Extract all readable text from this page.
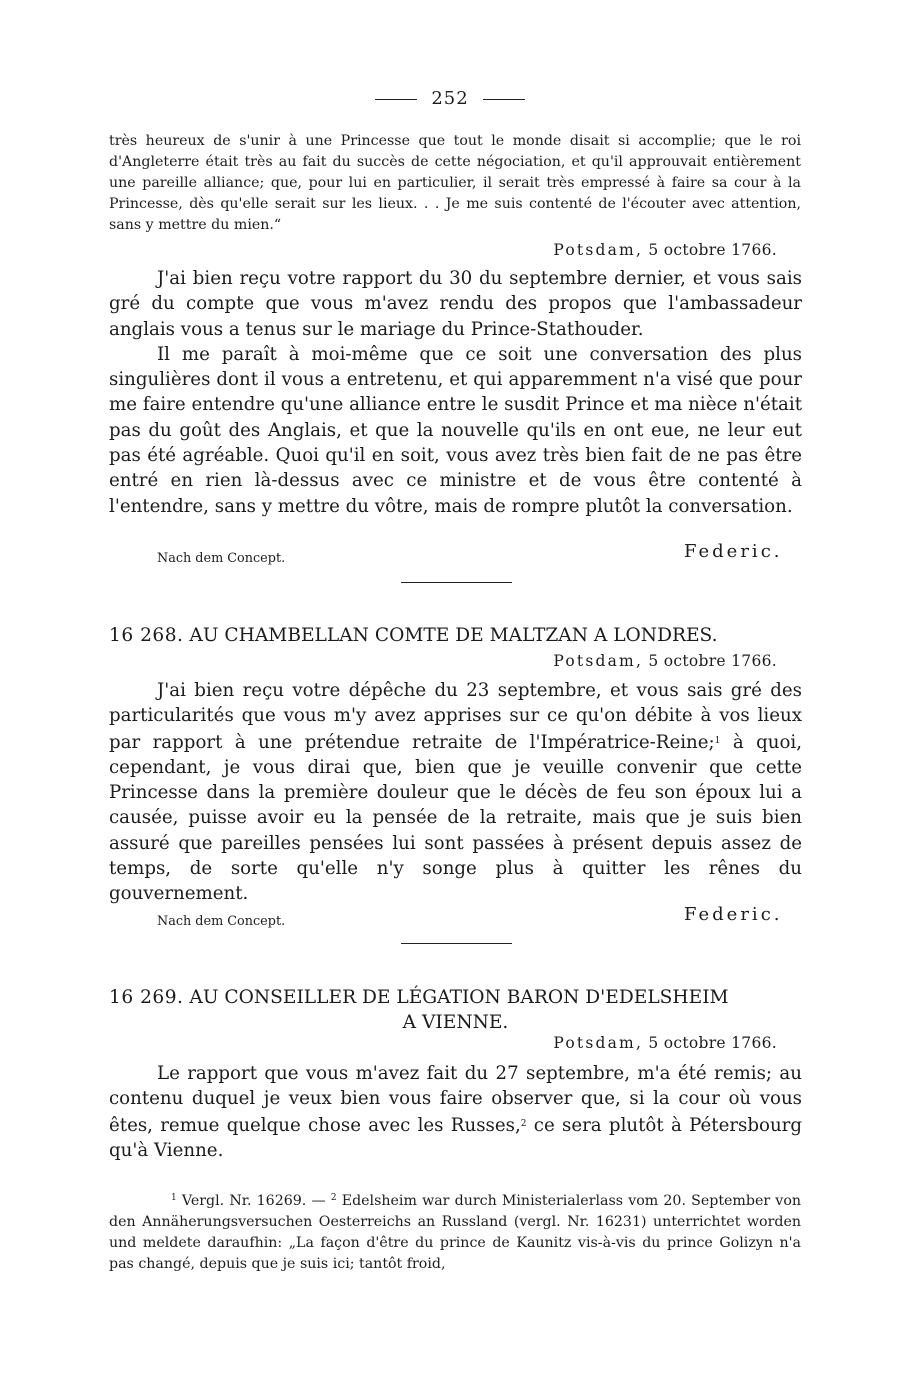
252

très heureux de s'unir à une Princesse que tout le monde disait si accomplie; que le roi d'Angleterre était très au fait du succès de cette négociation, et qu'il approuvait entièrement une pareille alliance; que, pour lui en particulier, il serait très empressé à faire sa cour à la Princesse, dès qu'elle serait sur les lieux. . . Je me suis contenté de l'écouter avec attention, sans y mettre du mien.“

Potsdam, 5 octobre 1766.

J'ai bien reçu votre rapport du 30 du septembre dernier, et vous sais gré du compte que vous m'avez rendu des propos que l'ambassadeur anglais vous a tenus sur le mariage du Prince-Stathouder.

Il me paraît à moi-même que ce soit une conversation des plus singulières dont il vous a entretenu, et qui apparemment n'a visé que pour me faire entendre qu'une alliance entre le susdit Prince et ma nièce n'était pas du goût des Anglais, et que la nouvelle qu'ils en ont eue, ne leur eut pas été agréable. Quoi qu'il en soit, vous avez très bien fait de ne pas être entré en rien là-dessus avec ce ministre et de vous être contenté à l'entendre, sans y mettre du vôtre, mais de rompre plutôt la conversation.

Nach dem Concept.	Federic.
16 268. AU CHAMBELLAN COMTE DE MALTZAN A LONDRES.
Potsdam, 5 octobre 1766.

J'ai bien reçu votre dépêche du 23 septembre, et vous sais gré des particularités que vous m'y avez apprises sur ce qu'on débite à vos lieux par rapport à une prétendue retraite de l'Impératrice-Reine;$^1$ à quoi, cependant, je vous dirai que, bien que je veuille convenir que cette Princesse dans la première douleur que le décès de feu son époux lui a causée, puisse avoir eu la pensée de la retraite, mais que je suis bien assuré que pareilles pensées lui sont passées à présent depuis assez de temps, de sorte qu'elle n'y songe plus à quitter les rênes du gouvernement.

Nach dem Concept.	Federic.
16 269. AU CONSEILLER DE LÉGATION BARON D'EDELSHEIM
A VIENNE.
Potsdam, 5 octobre 1766.

Le rapport que vous m'avez fait du 27 septembre, m'a été remis; au contenu duquel je veux bien vous faire observer que, si la cour où vous êtes, remue quelque chose avec les Russes,$^2$ ce sera plutôt à Pétersbourg qu'à Vienne.

$^1$ Vergl. Nr. 16269. — $^2$ Edelsheim war durch Ministerialerlass vom 20. September von den Annäherungsversuchen Oesterreichs an Russland (vergl. Nr. 16231) unterrichtet worden und meldete daraufhin: „La façon d'être du prince de Kaunitz vis-à-vis du prince Golizyn n'a pas changé, depuis que je suis ici; tantôt froid,
